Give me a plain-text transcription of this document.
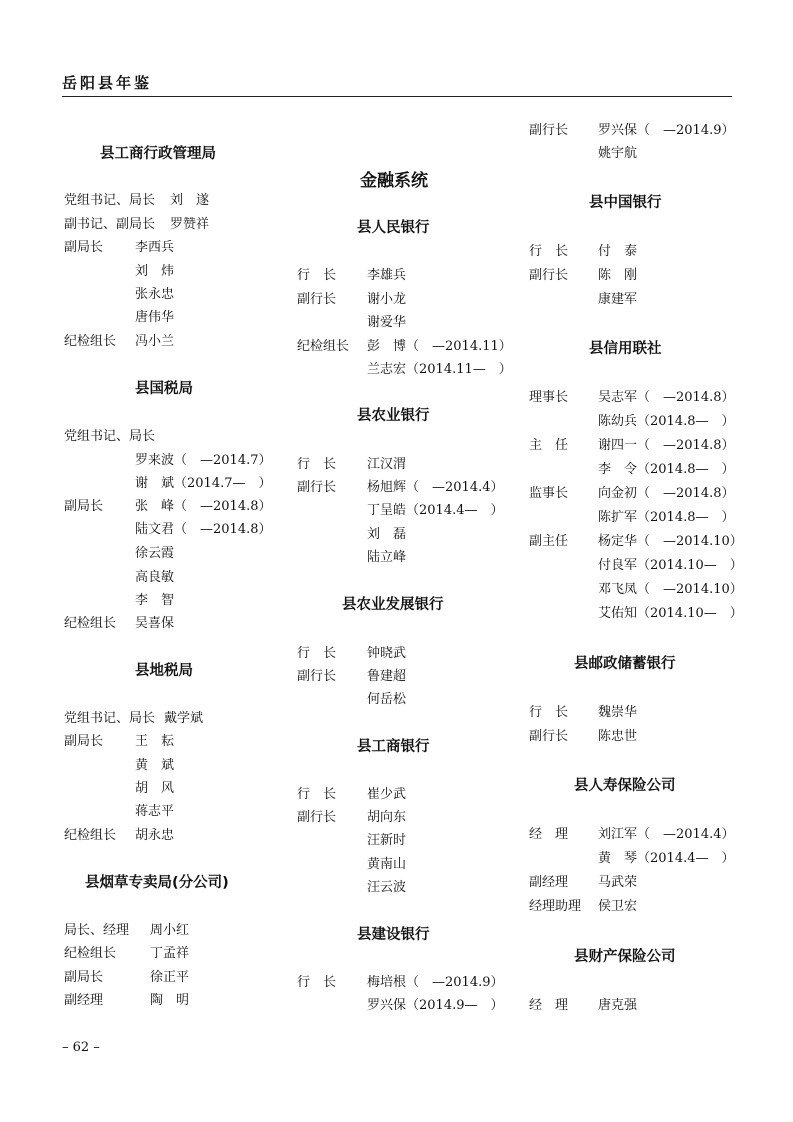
岳阳县年鉴
县工商行政管理局
党组书记、局长 刘　遂
副书记、副局长 罗赞祥
副局长 李西兵
刘　炜
张永忠
唐伟华
纪检组长 冯小兰
县国税局
党组书记、局长
罗来波（　—2014.7）
谢　斌（2014.7—　）
副局长 张　峰（　—2014.8）
陆文君（　—2014.8）
徐云霞
高良敏
李　智
纪检组长 吴喜保
县地税局
党组书记、局长 戴学斌
副局长 王　耘
黄　斌
胡　风
蒋志平
纪检组长 胡永忠
县烟草专卖局(分公司)
局长、经理 周小红
纪检组长	丁孟祥
副局长	徐正平
副经理	陶　明
金融系统
县人民银行
行　长 李雄兵
副行长 谢小龙
谢爱华
纪检组长 彭　博（　—2014.11）
兰志宏（2014.11—　）
县农业银行
行　长 江汉渭
副行长 杨旭辉（　—2014.4）
丁呈皓（2014.4—　）
刘　磊
陆立峰
县农业发展银行
行　长 钟晓武
副行长 鲁建超
何岳松
县工商银行
行　长 崔少武
副行长 胡向东
汪新时
黄南山
汪云波
县建设银行
行　长 梅培根（　—2014.9）
罗兴保（2014.9—　）
副行长 罗兴保（　—2014.9）
姚宇航
县中国银行
行　长 付　泰
副行长 陈　刚
康建军
县信用联社
理事长 吴志军（　—2014.8）
陈幼兵（2014.8—　）
主　任 谢四一（　—2014.8）
李　令（2014.8—　）
监事长 向金初（　—2014.8）
陈扩军（2014.8—　）
副主任 杨定华（　—2014.10）
付良军（2014.10—　）
邓飞凤（　—2014.10）
艾佑知（2014.10—　）
县邮政储蓄银行
行　长 魏崇华
副行长 陈忠世
县人寿保险公司
经　理 刘江军（　—2014.4）
黄　琴（2014.4—　）
副经理 马武荣
经理助理 侯卫宏
县财产保险公司
经　理 唐克强
– 62 –
